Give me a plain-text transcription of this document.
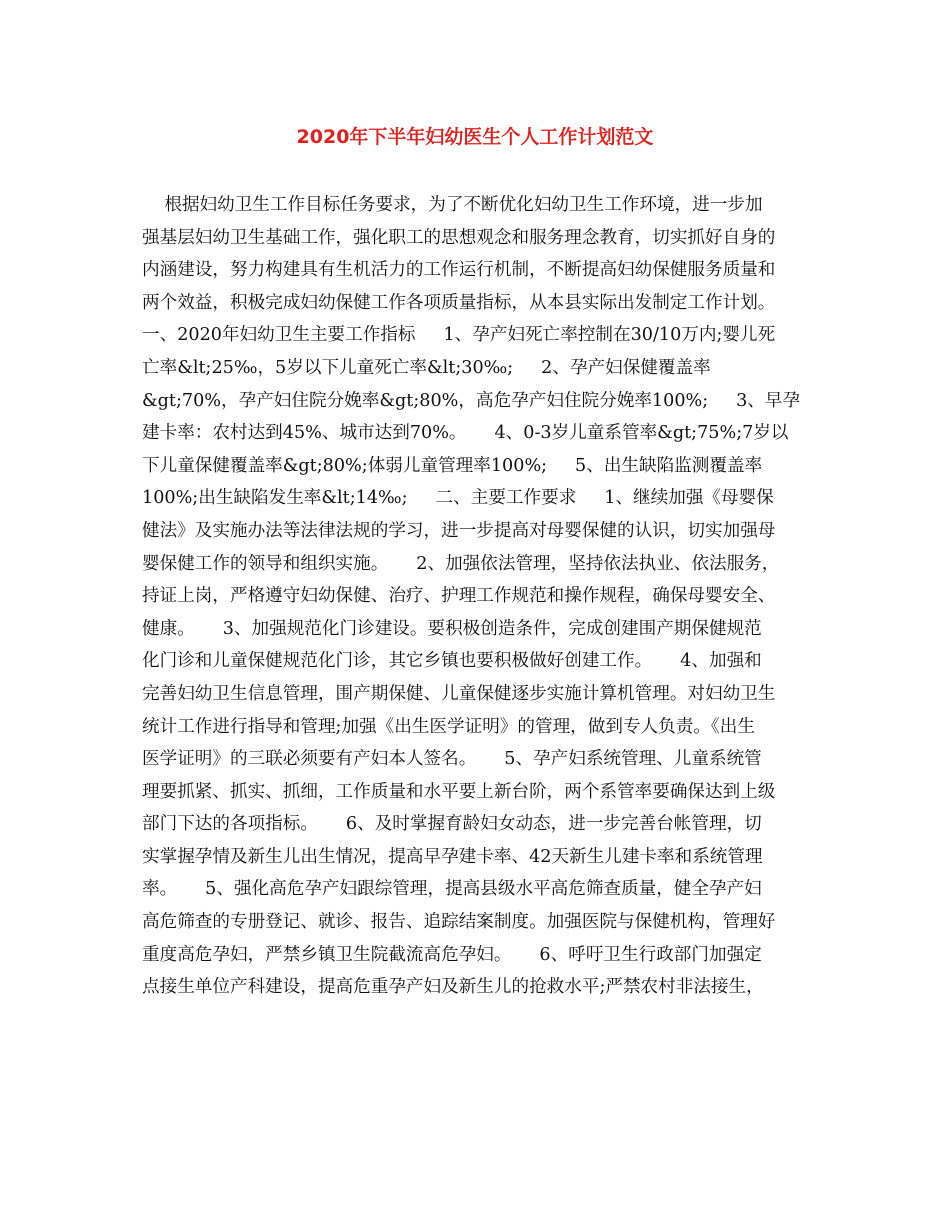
2020年下半年妇幼医生个人工作计划范文
根据妇幼卫生工作目标任务要求，为了不断优化妇幼卫生工作环境，进一步加
强基层妇幼卫生基础工作，强化职工的思想观念和服务理念教育，切实抓好自身的
内涵建设，努力构建具有生机活力的工作运行机制，不断提高妇幼保健服务质量和
两个效益，积极完成妇幼保健工作各项质量指标，从本县实际出发制定工作计划。
一、2020年妇幼卫生主要工作指标     1、孕产妇死亡率控制在30/10万内;婴儿死
亡率&lt;25‰，5岁以下儿童死亡率&lt;30‰;     2、孕产妇保健覆盖率
&gt;70%，孕产妇住院分娩率&gt;80%，高危孕产妇住院分娩率100%;     3、早孕
建卡率：农村达到45%、城市达到70%。     4、0-3岁儿童系管率&gt;75%;7岁以
下儿童保健覆盖率&gt;80%;体弱儿童管理率100%;     5、出生缺陷监测覆盖率
100%;出生缺陷发生率&lt;14‰;     二、主要工作要求     1、继续加强《母婴保
健法》及实施办法等法律法规的学习，进一步提高对母婴保健的认识，切实加强母
婴保健工作的领导和组织实施。     2、加强依法管理，坚持依法执业、依法服务，
持证上岗，严格遵守妇幼保健、治疗、护理工作规范和操作规程，确保母婴安全、
健康。     3、加强规范化门诊建设。要积极创造条件，完成创建围产期保健规范
化门诊和儿童保健规范化门诊，其它乡镇也要积极做好创建工作。     4、加强和
完善妇幼卫生信息管理，围产期保健、儿童保健逐步实施计算机管理。对妇幼卫生
统计工作进行指导和管理;加强《出生医学证明》的管理，做到专人负责。《出生
医学证明》的三联必须要有产妇本人签名。     5、孕产妇系统管理、儿童系统管
理要抓紧、抓实、抓细，工作质量和水平要上新台阶，两个系管率要确保达到上级
部门下达的各项指标。     6、及时掌握育龄妇女动态，进一步完善台帐管理，切
实掌握孕情及新生儿出生情况，提高早孕建卡率、42天新生儿建卡率和系统管理
率。     5、强化高危孕产妇跟综管理，提高县级水平高危筛查质量，健全孕产妇
高危筛查的专册登记、就诊、报告、追踪结案制度。加强医院与保健机构，管理好
重度高危孕妇，严禁乡镇卫生院截流高危孕妇。     6、呼吁卫生行政部门加强定
点接生单位产科建设，提高危重孕产妇及新生儿的抢救水平;严禁农村非法接生，
